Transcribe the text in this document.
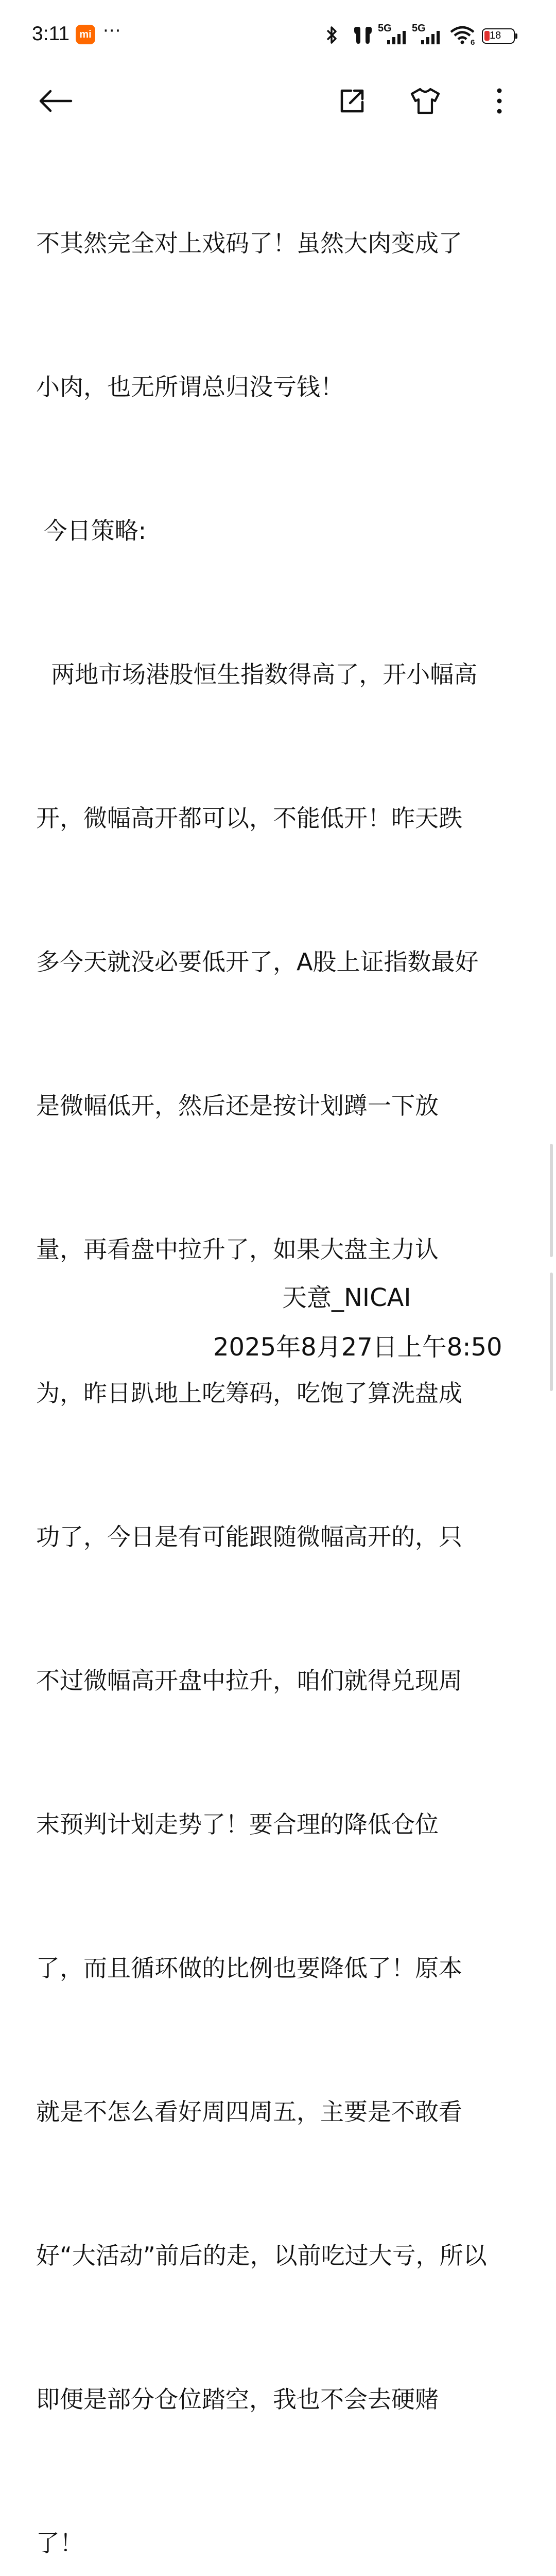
3:11 mi ···	5G 5G
6
18

不其然完全对上戏码了！虽然大肉变成了

小肉，也无所谓总归没亏钱！

今日策略:

两地市场港股恒生指数得高了，开小幅高

开，微幅高开都可以，不能低开！昨天跌

多今天就没必要低开了，A股上证指数最好

是微幅低开，然后还是按计划蹲一下放

量，再看盘中拉升了，如果大盘主力认

为，昨日趴地上吃筹码，吃饱了算洗盘成

功了，今日是有可能跟随微幅高开的，只

不过微幅高开盘中拉升，咱们就得兑现周

末预判计划走势了！要合理的降低仓位

了，而且循环做的比例也要降低了！原本

就是不怎么看好周四周五，主要是不敢看

好“大活动”前后的走，以前吃过大亏，所以

即便是部分仓位踏空，我也不会去硬赌

了！

天意_NICAI
2025年8月27日上午8:50
